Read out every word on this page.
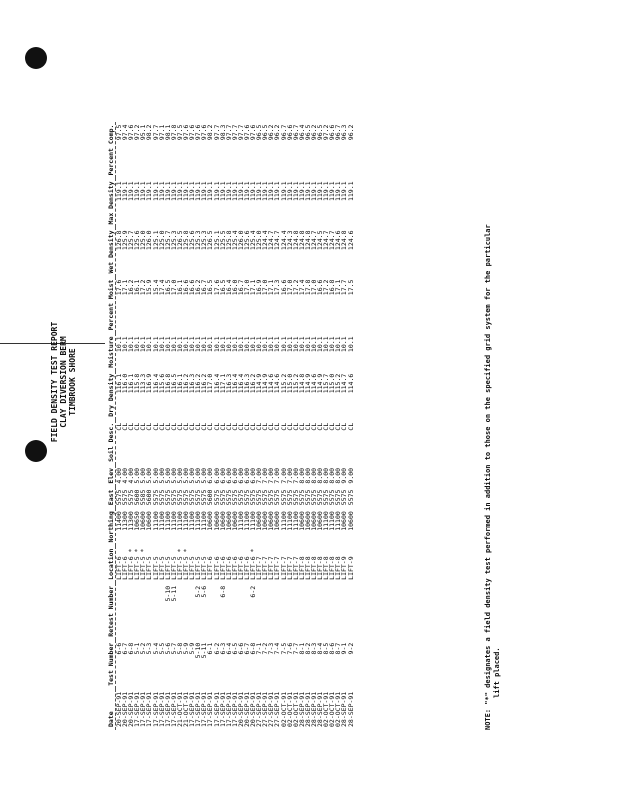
FIELD DENSITY TEST REPORT CLAY DIVERSION BERM TIMBROOK SHORE
Date	Test Number	Retest Number	Location	Northing	East	Elev	Soil Desc.	Dry Density	Moisture	Percent Moist	Wet Density	Max Density	Percent Comp.
20-SEP-91	6-6		LIFT-6	11400	5575	4.00	CL	116.1	10.1	17.6	126.8	119.1	97.5
20-SEP-91	6-7		LIFT-6	11300	5575	4.00	CL	116.0	10.1	17.1	125.9	119.1	97.4
20-SEP-91	6-8		LIFT-6 *	11300	5575	4.00	CL	116.1	10.1	16.2	125.7	119.1	97.6
17-SEP-91	5-1		LIFT-5 *	10650	5600	5.00	CL	115.8	10.1	16.1	125.6	119.1	97.2
17-SEP-91	5-2		LIFT-5 *	10600	5585	5.00	CL	113.3	10.1	17.2	125.0	119.1	95.1
17-SEP-91	5-3		LIFT-5	10600	5600	5.00	CL	116.9	10.1	15.9	126.0	119.1	98.2
17-SEP-91	5-4		LIFT-5	11100	5575	5.00	CL	116.4	10.1	15.4	125.1	119.1	97.7
17-SEP-91	5-5		LIFT-5	11100	5575	5.00	CL	115.6	10.1	17.4	125.0	119.1	97.1
17-SEP-91	5-6	5-10	LIFT-5	11100	5575	5.00	CL	116.8	10.1	16.5	125.7	119.1	98.1
17-SEP-91	5-7	5-11	LIFT-5	11100	5575	5.00	CL	116.5	10.1	17.0	125.3	119.1	97.8
21-OCT-91	5-8		LIFT-5 *	11100	5575	5.00	CL	116.1	10.1	16.1	126.5	119.1	97.5
21-OCT-91	5-9		LIFT-5 *	11100	5575	5.00	CL	116.2	10.1	16.6	125.8	119.1	97.6
17-SEP-91	5-9		LIFT-5	11100	5575	5.00	CL	116.3	10.1	16.6	125.6	119.1	97.6
17-SEP-91	5-10	5-2	LIFT-5	11100	5575	5.00	CL	116.2	10.1	16.2	125.3	119.1	97.6
17-SEP-91	5-11	5-6	LIFT-5	11100	5575	5.00	CL	116.2	10.1	16.7	125.3	119.1	97.6
17-SEP-91	6-1		LIFT-6	10600	5600	6.00	CL	117.0	10.1	16.5	126.5	119.1	98.2
17-SEP-91	6-2		LIFT-6	10600	5575	6.00	CL	116.4	10.1	17.6	125.1	119.1	97.7
17-SEP-91	6-3	6-8	LIFT-6	10600	5575	6.00	CL	117.1	10.1	16.5	125.5	119.1	98.3
17-SEP-91	6-4		LIFT-6	10600	5575	6.00	CL	116.3	10.1	16.4	125.8	119.1	97.7
17-SEP-91	6-5		LIFT-6	10600	5575	6.00	CL	116.4	10.1	16.0	125.4	119.1	97.7
20-SEP-91	6-6		LIFT-6	11100	5575	6.00	CL	116.4	10.1	16.7	126.0	119.1	97.7
20-SEP-91	6-7		LIFT-6	11100	5575	6.00	CL	116.3	10.1	17.0	125.6	119.1	97.6
20-SEP-91	6-8	6-2	LIFT-6 *	11100	5575	6.00	CL	116.2	10.1	17.1	125.4	119.1	97.6
27-SEP-91	7-1		LIFT-7	10600	5575	7.00	CL	114.9	10.1	16.9	125.0	119.1	96.5
27-SEP-91	7-2		LIFT-7	10600	5575	7.00	CL	114.9	10.1	17.0	124.4	119.1	96.5
27-SEP-91	7-3		LIFT-7	10600	5575	7.00	CL	114.6	10.1	17.1	124.7	119.1	96.2
27-SEP-91	7-4		LIFT-7	10600	5575	7.00	CL	114.6	10.1	17.3	124.7	119.1	96.2
02-OCT-91	7-5		LIFT-7	11100	5575	7.00	CL	115.2	10.1	16.6	124.4	119.1	96.7
02-OCT-91	7-6		LIFT-7	11100	5575	7.00	CL	115.0	10.1	17.0	124.3	119.1	96.6
02-OCT-91	7-7		LIFT-7	11100	5575	7.00	CL	115.2	10.1	17.2	124.8	119.1	96.7
28-SEP-91	8-1		LIFT-8	10600	5575	8.00	CL	114.8	10.1	17.4	124.8	119.1	96.4
28-SEP-91	8-2		LIFT-8	10600	5575	8.00	CL	114.9	10.1	17.8	124.8	119.1	96.5
28-SEP-91	8-3		LIFT-8	10600	5575	8.00	CL	114.6	10.1	17.0	124.7	119.1	96.2
28-SEP-91	8-4		LIFT-8	10600	5575	8.00	CL	114.9	10.1	16.6	124.5	119.1	96.5
02-OCT-91	8-5		LIFT-8	11100	5575	8.00	CL	115.7	10.1	17.2	124.7	119.1	97.2
02-OCT-91	8-6		LIFT-8	11100	5575	8.00	CL	115.0	10.1	16.8	124.7	119.1	96.6
02-OCT-91	8-7		LIFT-8	11100	5575	8.00	CL	115.2	10.1	17.1	124.6	119.1	96.7
28-SEP-91	9-1		LIFT-9	10600	5575	9.00	CL	114.7	10.1	17.7	124.8	119.1	96.3
28-SEP-91	9-2		LIFT-9	10600	5575	9.00	CL	114.6	10.1	17.5	124.6	119.1	96.2
NOTE: "*" designates a field density test performed in addition to those on the specified grid system for the particular lift placed.
